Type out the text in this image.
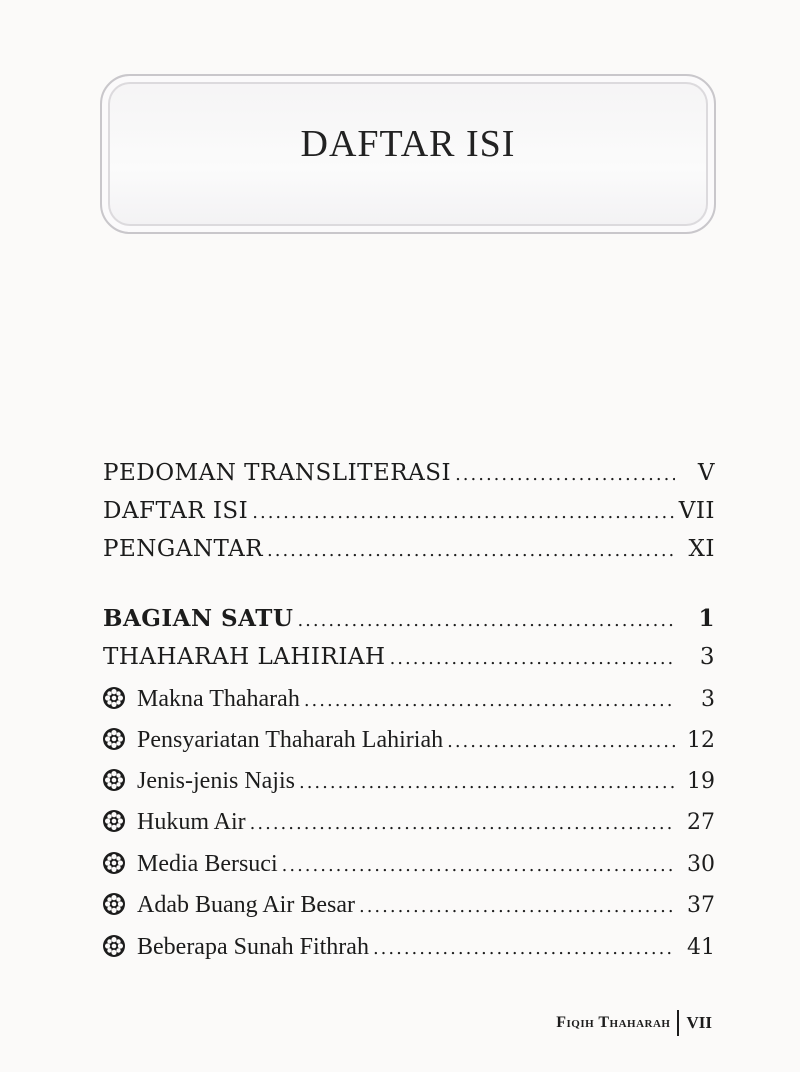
DAFTAR ISI
PEDOMAN TRANSLITERASI .....	V
DAFTAR ISI .....	VII
PENGANTAR .....	XI
BAGIAN SATU .....	1
THAHARAH LAHIRIAH .....	3
Makna Thaharah .....	3
Pensyariatan Thaharah Lahiriah .....	12
Jenis-jenis Najis .....	19
Hukum Air .....	27
Media Bersuci .....	30
Adab Buang Air Besar .....	37
Beberapa Sunah Fithrah .....	41
Fiqih Thaharah VII
